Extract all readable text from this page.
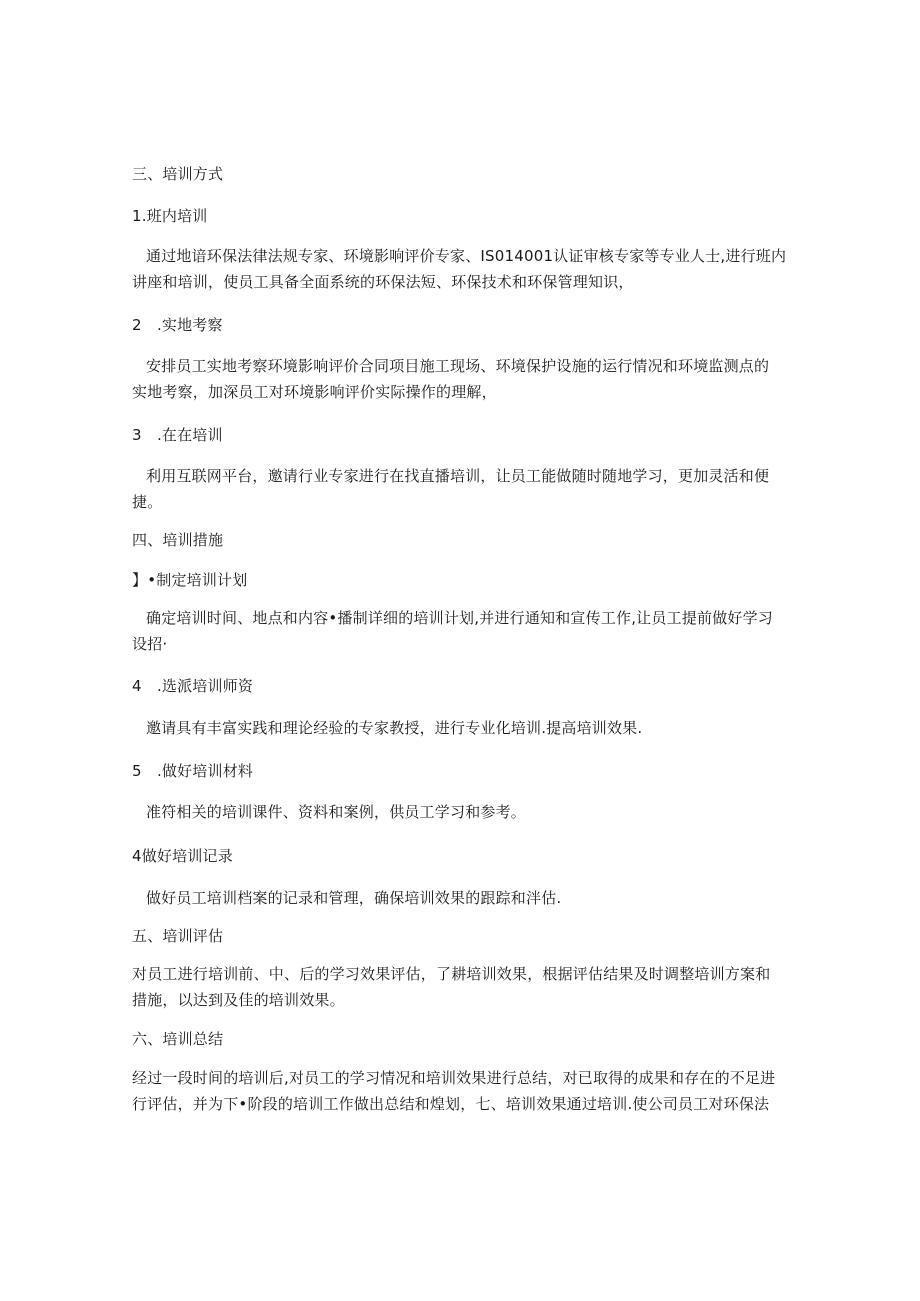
三、培训方式
1.班内培训
通过地谙环保法律法规专家、环境影响评价专家、IS014001认证审核专家等专业人士,进行班内
讲座和培训，使员工具备全面系统的环保法短、环保技术和环保管理知识，
2　.实地考察
安排员工实地考察环境影响评价合同项目施工现场、环境保护设施的运行情况和环境监测点的
实地考察，加深员工对环境影响评价实际操作的理解，
3　.在在培训
利用互联网平台，邀请行业专家进行在找直播培训，让员工能做随时随地学习，更加灵活和便
捷。
四、培训措施
】•制定培训计划
确定培训时间、地点和内容•播制详细的培训计划,并进行通知和宣传工作,让员工提前做好学习
设招·
4　.选派培训师资
邀请具有丰富实践和理论经验的专家教授，进行专业化培训.提高培训效果.
5　.做好培训材料
准符相关的培训课件、资料和案例，供员工学习和参考。
4做好培训记录
做好员工培训档案的记录和管理，确保培训效果的跟踪和泮估.
五、培训评估
对员工进行培训前、中、后的学习效果评估，了耕培训效果，根据评估结果及时调整培训方案和
措施，以达到及佳的培训效果。
六、培训总结
经过一段时间的培训后,对员工的学习情况和培训效果进行总结，对已取得的成果和存在的不足进
行评估，并为下•阶段的培训工作做出总结和煌划，七、培训效果通过培训.使公司员工对环保法
